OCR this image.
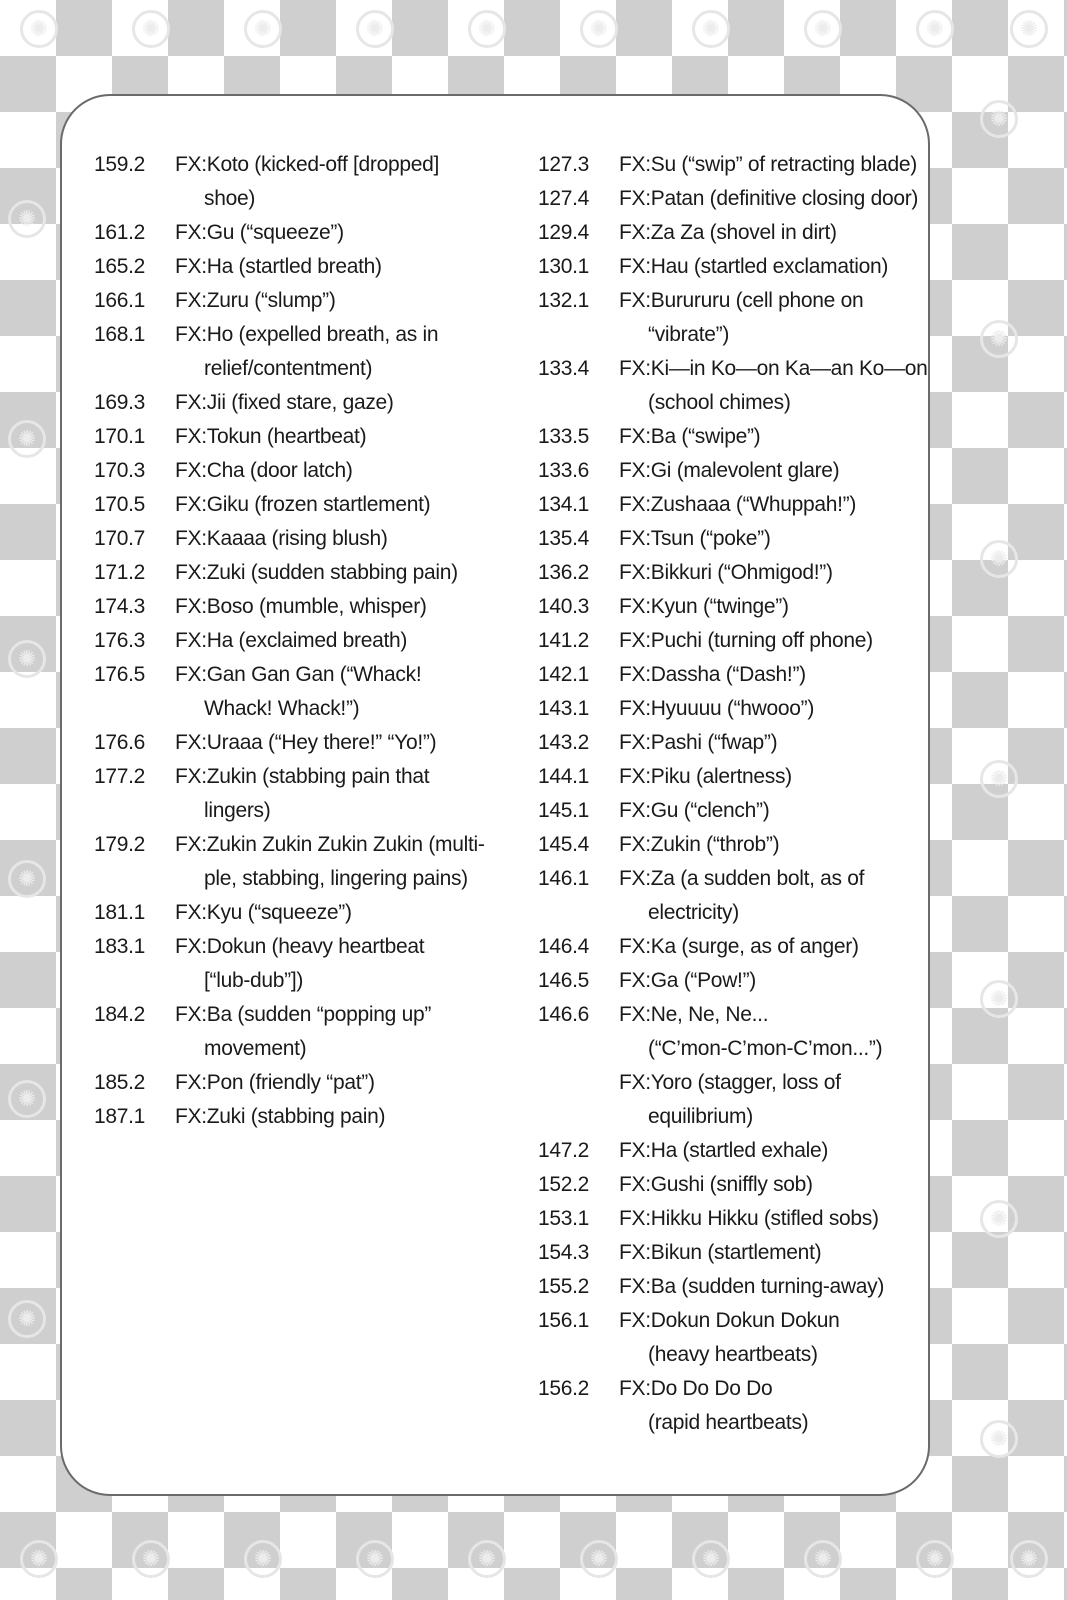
✺	✺	✺	✺	✺	✺	✺	✺	✺	✺
✺	✺	✺	✺	✺	✺	✺	✺	✺	✺
✺
✺
✺
✺
✺
✺
✺
✺
✺
✺
✺
✺
✺
159.2 FX:Koto (kicked-off [dropped]
shoe)
161.2 FX:Gu (“squeeze”)
165.2 FX:Ha (startled breath)
166.1 FX:Zuru (“slump”)
168.1 FX:Ho (expelled breath, as in
relief/contentment)
169.3 FX:Jii (fixed stare, gaze)
170.1 FX:Tokun (heartbeat)
170.3 FX:Cha (door latch)
170.5 FX:Giku (frozen startlement)
170.7 FX:Kaaaa (rising blush)
171.2 FX:Zuki (sudden stabbing pain)
174.3 FX:Boso (mumble, whisper)
176.3 FX:Ha (exclaimed breath)
176.5 FX:Gan Gan Gan (“Whack!
Whack! Whack!”)
176.6 FX:Uraaa (“Hey there!” “Yo!”)
177.2 FX:Zukin (stabbing pain that
lingers)
179.2 FX:Zukin Zukin Zukin Zukin (multi-
ple, stabbing, lingering pains)
181.1 FX:Kyu (“squeeze”)
183.1 FX:Dokun (heavy heartbeat
[“lub-dub”])
184.2 FX:Ba (sudden “popping up”
movement)
185.2 FX:Pon (friendly “pat”)
187.1 FX:Zuki (stabbing pain)
127.3 FX:Su (“swip” of retracting blade)
127.4 FX:Patan (definitive closing door)
129.4 FX:Za Za (shovel in dirt)
130.1 FX:Hau (startled exclamation)
132.1 FX:Burururu (cell phone on
“vibrate”)
133.4 FX:Ki—in Ko—on Ka—an Ko—on
(school chimes)
133.5 FX:Ba (“swipe”)
133.6 FX:Gi (malevolent glare)
134.1 FX:Zushaaa (“Whuppah!”)
135.4 FX:Tsun (“poke”)
136.2 FX:Bikkuri (“Ohmigod!”)
140.3 FX:Kyun (“twinge”)
141.2 FX:Puchi (turning off phone)
142.1 FX:Dassha (“Dash!”)
143.1 FX:Hyuuuu (“hwooo”)
143.2 FX:Pashi (“fwap”)
144.1 FX:Piku (alertness)
145.1 FX:Gu (“clench”)
145.4 FX:Zukin (“throb”)
146.1 FX:Za (a sudden bolt, as of
electricity)
146.4 FX:Ka (surge, as of anger)
146.5 FX:Ga (“Pow!”)
146.6 FX:Ne, Ne, Ne...
(“C’mon-C’mon-C’mon...”)
FX:Yoro (stagger, loss of
equilibrium)
147.2 FX:Ha (startled exhale)
152.2 FX:Gushi (sniffly sob)
153.1 FX:Hikku Hikku (stifled sobs)
154.3 FX:Bikun (startlement)
155.2 FX:Ba (sudden turning-away)
156.1 FX:Dokun Dokun Dokun
(heavy heartbeats)
156.2 FX:Do Do Do Do
(rapid heartbeats)
